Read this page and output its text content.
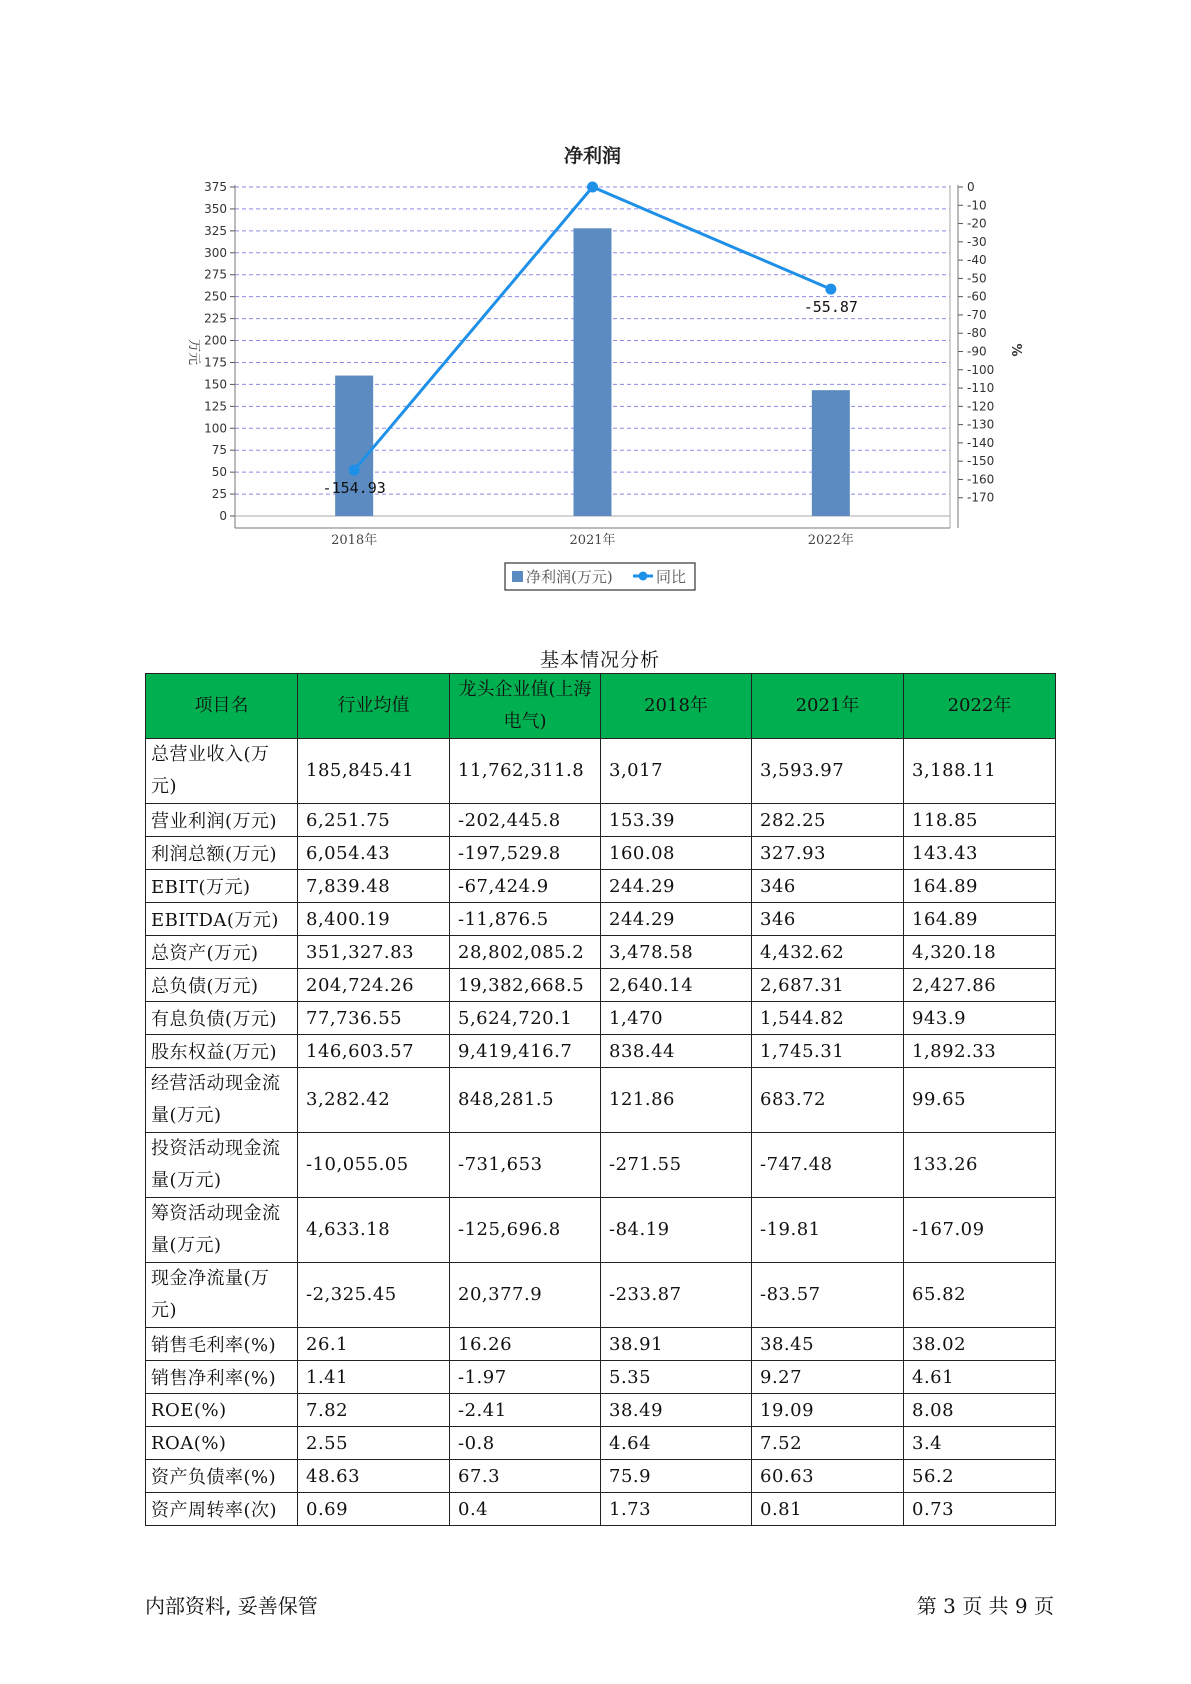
净利润
375
350
325
300
275
250
225
200
175
150
125
100
75
50
25
0
0
-10
-20
-30
-40
-50
-60
-70
-80
-90
-100
-110
-120
-130
-140
-150
-160
-170
万元	%
2018年	2021年	2022年
-154.93
-55.87
净利润(万元)	同比
基本情况分析
项目名	行业均值	龙头企业值(上海电气)	2018年	2021年	2022年
总营业收入(万元)	185,845.41	11,762,311.8	3,017	3,593.97	3,188.11
营业利润(万元)	6,251.75	-202,445.8	153.39	282.25	118.85
利润总额(万元)	6,054.43	-197,529.8	160.08	327.93	143.43
EBIT(万元)	7,839.48	-67,424.9	244.29	346	164.89
EBITDA(万元)	8,400.19	-11,876.5	244.29	346	164.89
总资产(万元)	351,327.83	28,802,085.2	3,478.58	4,432.62	4,320.18
总负债(万元)	204,724.26	19,382,668.5	2,640.14	2,687.31	2,427.86
有息负债(万元)	77,736.55	5,624,720.1	1,470	1,544.82	943.9
股东权益(万元)	146,603.57	9,419,416.7	838.44	1,745.31	1,892.33
经营活动现金流量(万元)	3,282.42	848,281.5	121.86	683.72	99.65
投资活动现金流量(万元)	-10,055.05	-731,653	-271.55	-747.48	133.26
筹资活动现金流量(万元)	4,633.18	-125,696.8	-84.19	-19.81	-167.09
现金净流量(万元)	-2,325.45	20,377.9	-233.87	-83.57	65.82
销售毛利率(%)	26.1	16.26	38.91	38.45	38.02
销售净利率(%)	1.41	-1.97	5.35	9.27	4.61
ROE(%)	7.82	-2.41	38.49	19.09	8.08
ROA(%)	2.55	-0.8	4.64	7.52	3.4
资产负债率(%)	48.63	67.3	75.9	60.63	56.2
资产周转率(次)	0.69	0.4	1.73	0.81	0.73
内部资料, 妥善保管	第 3 页 共 9 页
